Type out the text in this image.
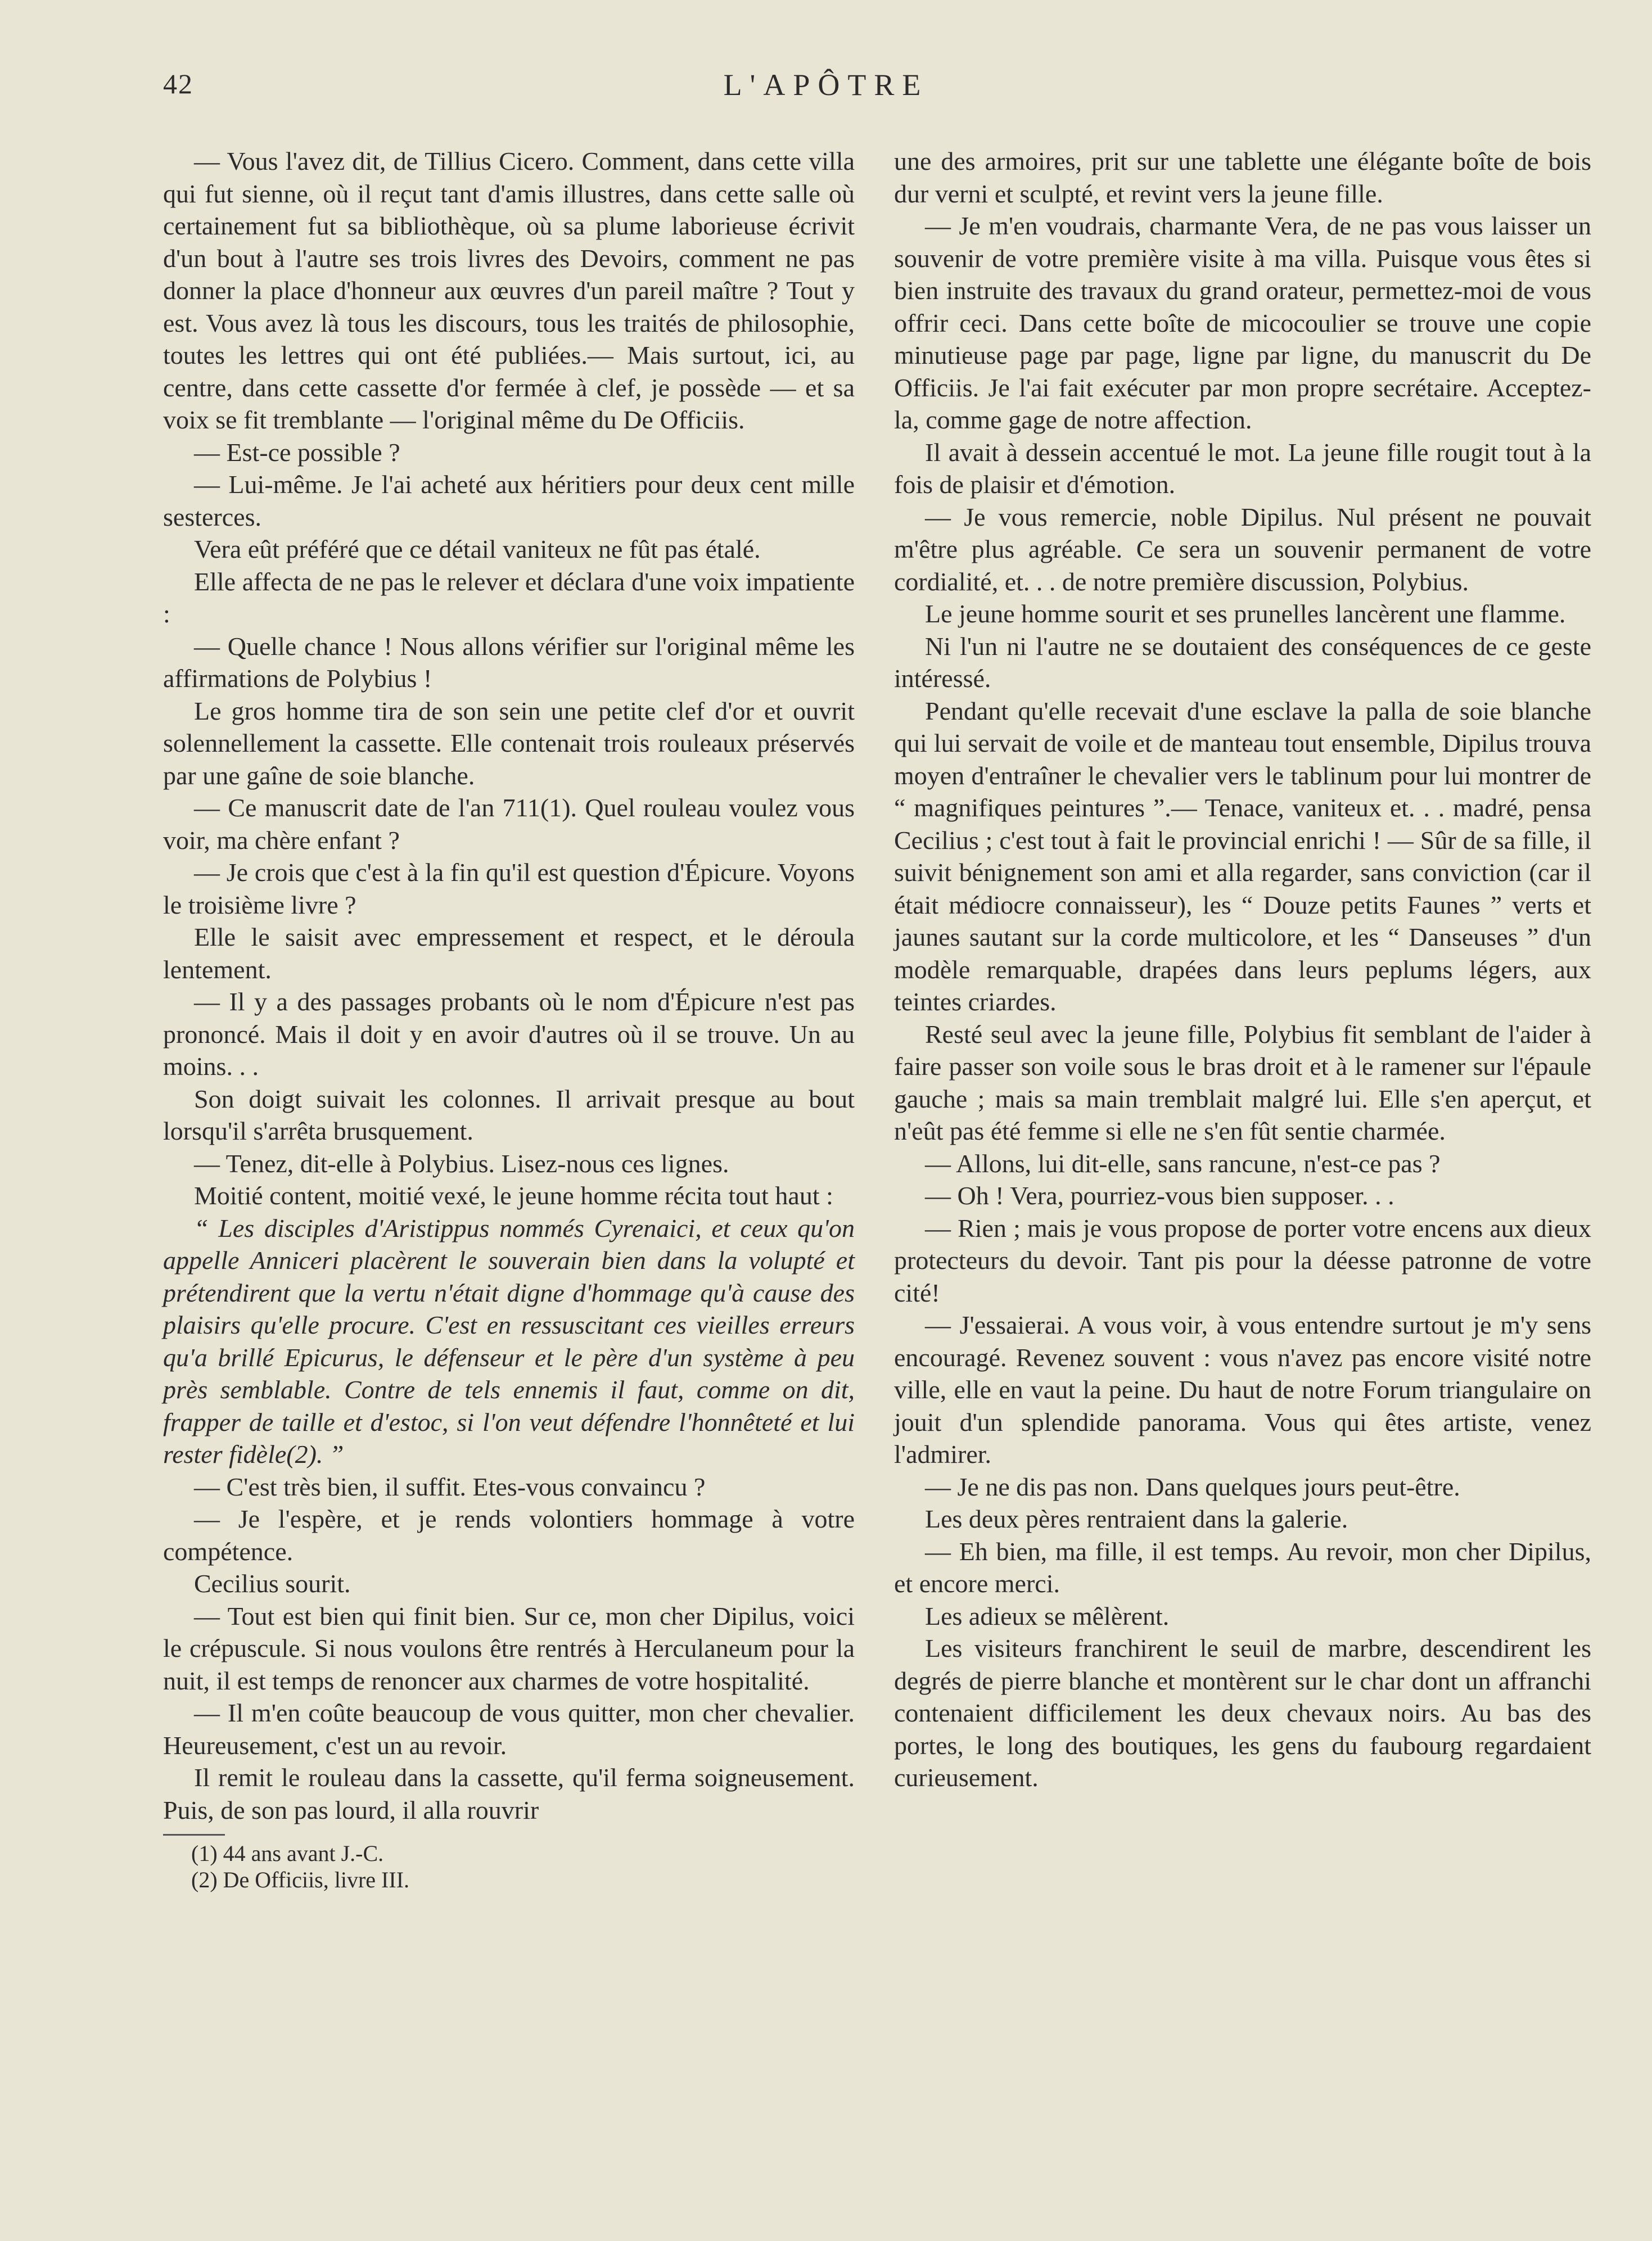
42	L'APÔTRE

— Vous l'avez dit, de Tillius Cicero. Comment, dans cette villa qui fut sienne, où il reçut tant d'amis illustres, dans cette salle où certainement fut sa bibliothèque, où sa plume laborieuse écrivit d'un bout à l'autre ses trois livres des Devoirs, comment ne pas donner la place d'honneur aux œuvres d'un pareil maître ? Tout y est. Vous avez là tous les discours, tous les traités de philosophie, toutes les lettres qui ont été publiées.— Mais surtout, ici, au centre, dans cette cassette d'or fermée à clef, je possède — et sa voix se fit tremblante — l'original même du De Officiis.

— Est-ce possible ?

— Lui-même. Je l'ai acheté aux héritiers pour deux cent mille sesterces.

Vera eût préféré que ce détail vaniteux ne fût pas étalé.

Elle affecta de ne pas le relever et déclara d'une voix impatiente :

— Quelle chance ! Nous allons vérifier sur l'original même les affirmations de Polybius !

Le gros homme tira de son sein une petite clef d'or et ouvrit solennellement la cassette. Elle contenait trois rouleaux préservés par une gaîne de soie blanche.

— Ce manuscrit date de l'an 711(1). Quel rouleau voulez vous voir, ma chère enfant ?

— Je crois que c'est à la fin qu'il est question d'Épicure. Voyons le troisième livre ?

Elle le saisit avec empressement et respect, et le déroula lentement.

— Il y a des passages probants où le nom d'Épicure n'est pas prononcé. Mais il doit y en avoir d'autres où il se trouve. Un au moins. . .

Son doigt suivait les colonnes. Il arrivait presque au bout lorsqu'il s'arrêta brusquement.

— Tenez, dit-elle à Polybius. Lisez-nous ces lignes.

Moitié content, moitié vexé, le jeune homme récita tout haut :

“ Les disciples d'Aristippus nommés Cyrenaici, et ceux qu'on appelle Anniceri placèrent le souverain bien dans la volupté et prétendirent que la vertu n'était digne d'hommage qu'à cause des plaisirs qu'elle procure. C'est en ressuscitant ces vieilles erreurs qu'a brillé Epicurus, le défenseur et le père d'un système à peu près semblable. Contre de tels ennemis il faut, comme on dit, frapper de taille et d'estoc, si l'on veut défendre l'honnêteté et lui rester fidèle(2). ”

— C'est très bien, il suffit. Etes-vous convaincu ?

— Je l'espère, et je rends volontiers hommage à votre compétence.

Cecilius sourit.

— Tout est bien qui finit bien. Sur ce, mon cher Dipilus, voici le crépuscule. Si nous voulons être rentrés à Herculaneum pour la nuit, il est temps de renoncer aux charmes de votre hospitalité.

— Il m'en coûte beaucoup de vous quitter, mon cher chevalier. Heureusement, c'est un au revoir.

Il remit le rouleau dans la cassette, qu'il ferma soigneusement. Puis, de son pas lourd, il alla rouvrir

(1) 44 ans avant J.-C.
(2) De Officiis, livre III.

une des armoires, prit sur une tablette une élégante boîte de bois dur verni et sculpté, et revint vers la jeune fille.

— Je m'en voudrais, charmante Vera, de ne pas vous laisser un souvenir de votre première visite à ma villa. Puisque vous êtes si bien instruite des travaux du grand orateur, permettez-moi de vous offrir ceci. Dans cette boîte de micocoulier se trouve une copie minutieuse page par page, ligne par ligne, du manuscrit du De Officiis. Je l'ai fait exécuter par mon propre secrétaire. Acceptez-la, comme gage de notre affection.

Il avait à dessein accentué le mot. La jeune fille rougit tout à la fois de plaisir et d'émotion.

— Je vous remercie, noble Dipilus. Nul présent ne pouvait m'être plus agréable. Ce sera un souvenir permanent de votre cordialité, et. . . de notre première discussion, Polybius.

Le jeune homme sourit et ses prunelles lancèrent une flamme.

Ni l'un ni l'autre ne se doutaient des conséquences de ce geste intéressé.

Pendant qu'elle recevait d'une esclave la palla de soie blanche qui lui servait de voile et de manteau tout ensemble, Dipilus trouva moyen d'entraîner le chevalier vers le tablinum pour lui montrer de “ magnifiques peintures ”.— Tenace, vaniteux et. . . madré, pensa Cecilius ; c'est tout à fait le provincial enrichi ! — Sûr de sa fille, il suivit bénignement son ami et alla regarder, sans conviction (car il était médiocre connaisseur), les “ Douze petits Faunes ” verts et jaunes sautant sur la corde multicolore, et les “ Danseuses ” d'un modèle remarquable, drapées dans leurs peplums légers, aux teintes criardes.

Resté seul avec la jeune fille, Polybius fit semblant de l'aider à faire passer son voile sous le bras droit et à le ramener sur l'épaule gauche ; mais sa main tremblait malgré lui. Elle s'en aperçut, et n'eût pas été femme si elle ne s'en fût sentie charmée.

— Allons, lui dit-elle, sans rancune, n'est-ce pas ?

— Oh ! Vera, pourriez-vous bien supposer. . .

— Rien ; mais je vous propose de porter votre encens aux dieux protecteurs du devoir. Tant pis pour la déesse patronne de votre cité!

— J'essaierai. A vous voir, à vous entendre surtout je m'y sens encouragé. Revenez souvent : vous n'avez pas encore visité notre ville, elle en vaut la peine. Du haut de notre Forum triangulaire on jouit d'un splendide panorama. Vous qui êtes artiste, venez l'admirer.

— Je ne dis pas non. Dans quelques jours peut-être.

Les deux pères rentraient dans la galerie.

— Eh bien, ma fille, il est temps. Au revoir, mon cher Dipilus, et encore merci.

Les adieux se mêlèrent.

Les visiteurs franchirent le seuil de marbre, descendirent les degrés de pierre blanche et montèrent sur le char dont un affranchi contenaient difficilement les deux chevaux noirs. Au bas des portes, le long des boutiques, les gens du faubourg regardaient curieusement.
